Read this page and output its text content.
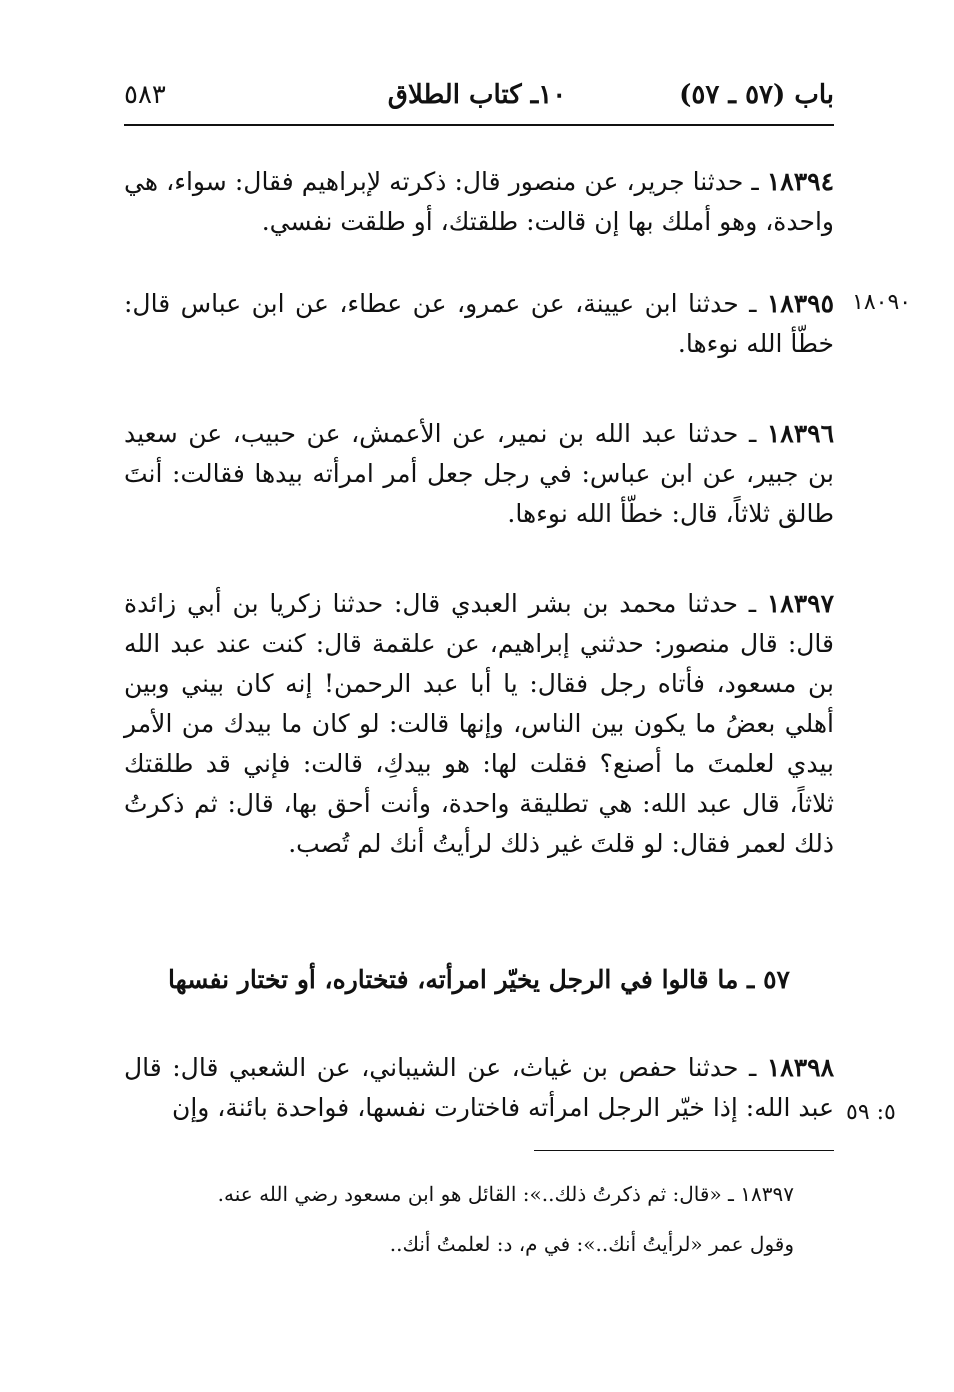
باب (٥٧ ـ ٥٧)
١٠ـ كتاب الطلاق
٥٨٣
١٨٣٩٤ ـ حدثنا جرير، عن منصور قال: ذكرته لإبراهيم فقال: سواء، هي واحدة، وهو أملك بها إن قالت: طلقتك، أو طلقت نفسي.
١٨٠٩٠
١٨٣٩٥ ـ حدثنا ابن عيينة، عن عمرو، عن عطاء، عن ابن عباس قال: خطّأ الله نوءها.
١٨٣٩٦ ـ حدثنا عبد الله بن نمير، عن الأعمش، عن حبيب، عن سعيد بن جبير، عن ابن عباس: في رجل جعل أمر امرأته بيدها فقالت: أنتَ طالق ثلاثاً، قال: خطّأ الله نوءها.
١٨٣٩٧ ـ حدثنا محمد بن بشر العبدي قال: حدثنا زكريا بن أبي زائدة قال: قال منصور: حدثني إبراهيم، عن علقمة قال: كنت عند عبد الله بن مسعود، فأتاه رجل فقال: يا أبا عبد الرحمن! إنه كان بيني وبين أهلي بعضُ ما يكون بين الناس، وإنها قالت: لو كان ما بيدك من الأمر بيدي لعلمتَ ما أصنع؟ فقلت لها: هو بيدكِ، قالت: فإني قد طلقتك ثلاثاً، قال عبد الله: هي تطليقة واحدة، وأنت أحق بها، قال: ثم ذكرتُ ذلك لعمر فقال: لو قلتَ غير ذلك لرأيتُ أنك لم تُصب.
٥٧ ـ ما قالوا في الرجل يخيّر امرأته، فتختاره، أو تختار نفسها
٥: ٥٩
١٨٣٩٨ ـ حدثنا حفص بن غياث، عن الشيباني، عن الشعبي قال: قال عبد الله: إذا خيّر الرجل امرأته فاختارت نفسها، فواحدة بائنة، وإن
١٨٣٩٧ ـ «قال: ثم ذكرتُ ذلك..»: القائل هو ابن مسعود رضي الله عنه.
وقول عمر «لرأيتُ أنك..»: في م، د: لعلمتُ أنك..
